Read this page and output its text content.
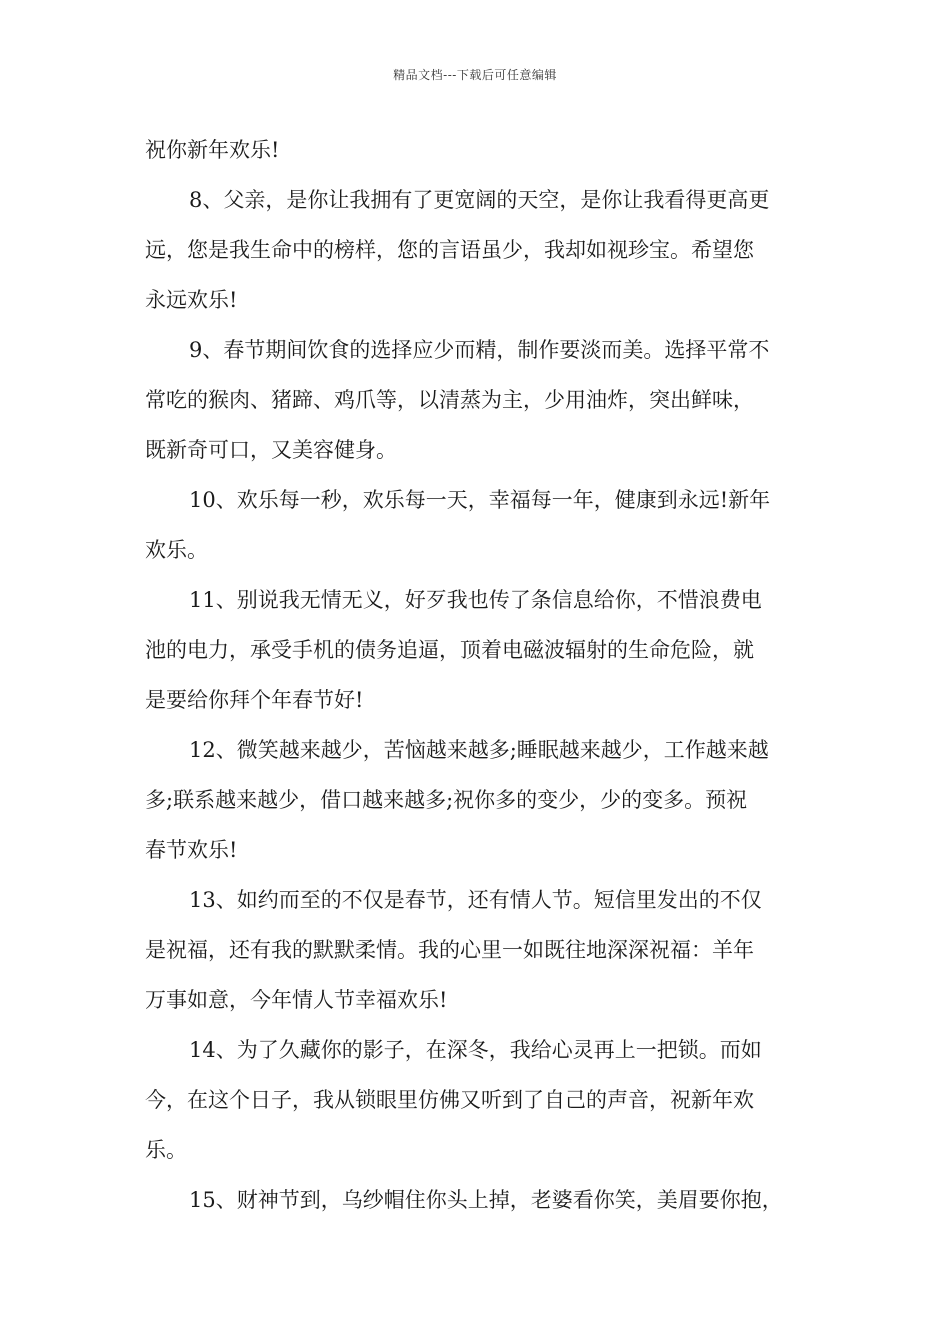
精品文档---下载后可任意编辑
祝你新年欢乐!
8、父亲，是你让我拥有了更宽阔的天空，是你让我看得更高更
远，您是我生命中的榜样，您的言语虽少，我却如视珍宝。希望您
永远欢乐!
9、春节期间饮食的选择应少而精，制作要淡而美。选择平常不
常吃的猴肉、猪蹄、鸡爪等，以清蒸为主，少用油炸，突出鲜味，
既新奇可口，又美容健身。
10、欢乐每一秒，欢乐每一天，幸福每一年，健康到永远!新年
欢乐。
11、别说我无情无义，好歹我也传了条信息给你，不惜浪费电
池的电力，承受手机的债务追逼，顶着电磁波辐射的生命危险，就
是要给你拜个年春节好!
12、微笑越来越少，苦恼越来越多;睡眠越来越少，工作越来越
多;联系越来越少，借口越来越多;祝你多的变少，少的变多。预祝
春节欢乐!
13、如约而至的不仅是春节，还有情人节。短信里发出的不仅
是祝福，还有我的默默柔情。我的心里一如既往地深深祝福：羊年
万事如意，今年情人节幸福欢乐!
14、为了久藏你的影子，在深冬，我给心灵再上一把锁。而如
今，在这个日子，我从锁眼里仿佛又听到了自己的声音，祝新年欢
乐。
15、财神节到，乌纱帽住你头上掉，老婆看你笑，美眉要你抱，
